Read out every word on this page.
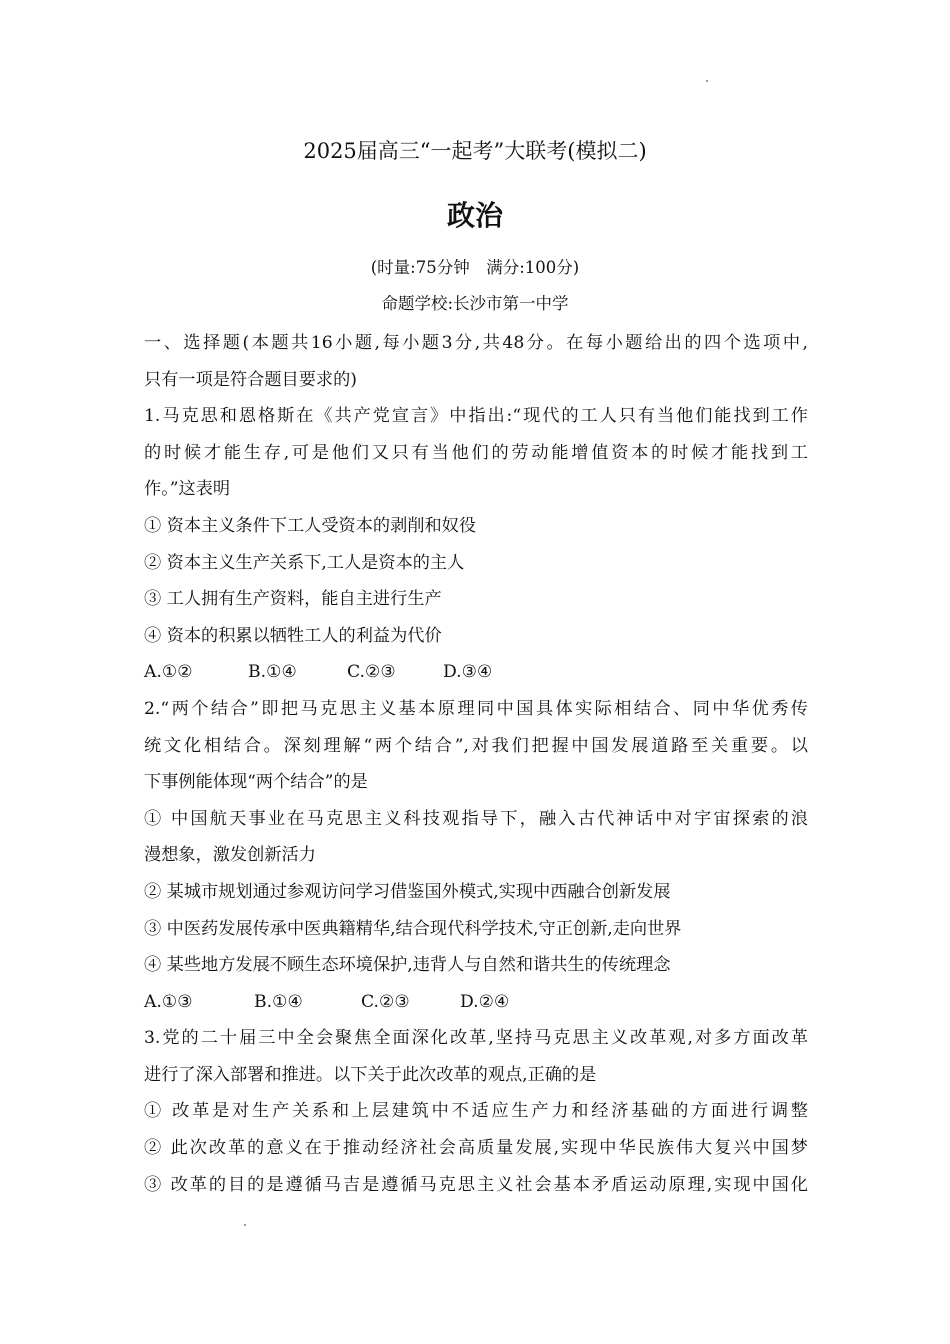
2025届高三“一起考”大联考(模拟二)
政治
(时量:75分钟　满分:100分)
命题学校:长沙市第一中学
一、选择题(本题共16小题,每小题3分,共48分。在每小题给出的四个选项中,
只有一项是符合题目要求的)
1.马克思和恩格斯在《共产党宣言》中指出:“现代的工人只有当他们能找到工作
的时候才能生存,可是他们又只有当他们的劳动能增值资本的时候才能找到工
作。”这表明
① 资本主义条件下工人受资本的剥削和奴役
② 资本主义生产关系下,工人是资本的主人
③ 工人拥有生产资料，能自主进行生产
④ 资本的积累以牺牲工人的利益为代价
A.①②	B.①④	C.②③	D.③④
2.“两个结合”即把马克思主义基本原理同中国具体实际相结合、同中华优秀传
统文化相结合。深刻理解“两个结合”,对我们把握中国发展道路至关重要。以
下事例能体现“两个结合”的是
① 中国航天事业在马克思主义科技观指导下，融入古代神话中对宇宙探索的浪
漫想象，激发创新活力
② 某城市规划通过参观访问学习借鉴国外模式,实现中西融合创新发展
③ 中医药发展传承中医典籍精华,结合现代科学技术,守正创新,走向世界
④ 某些地方发展不顾生态环境保护,违背人与自然和谐共生的传统理念
A.①③	B.①④	C.②③	D.②④
3.党的二十届三中全会聚焦全面深化改革,坚持马克思主义改革观,对多方面改革
进行了深入部署和推进。以下关于此次改革的观点,正确的是
① 改革是对生产关系和上层建筑中不适应生产力和经济基础的方面进行调整
② 此次改革的意义在于推动经济社会高质量发展,实现中华民族伟大复兴中国梦
③ 改革的目的是遵循马吉是遵循马克思主义社会基本矛盾运动原理,实现中国化
